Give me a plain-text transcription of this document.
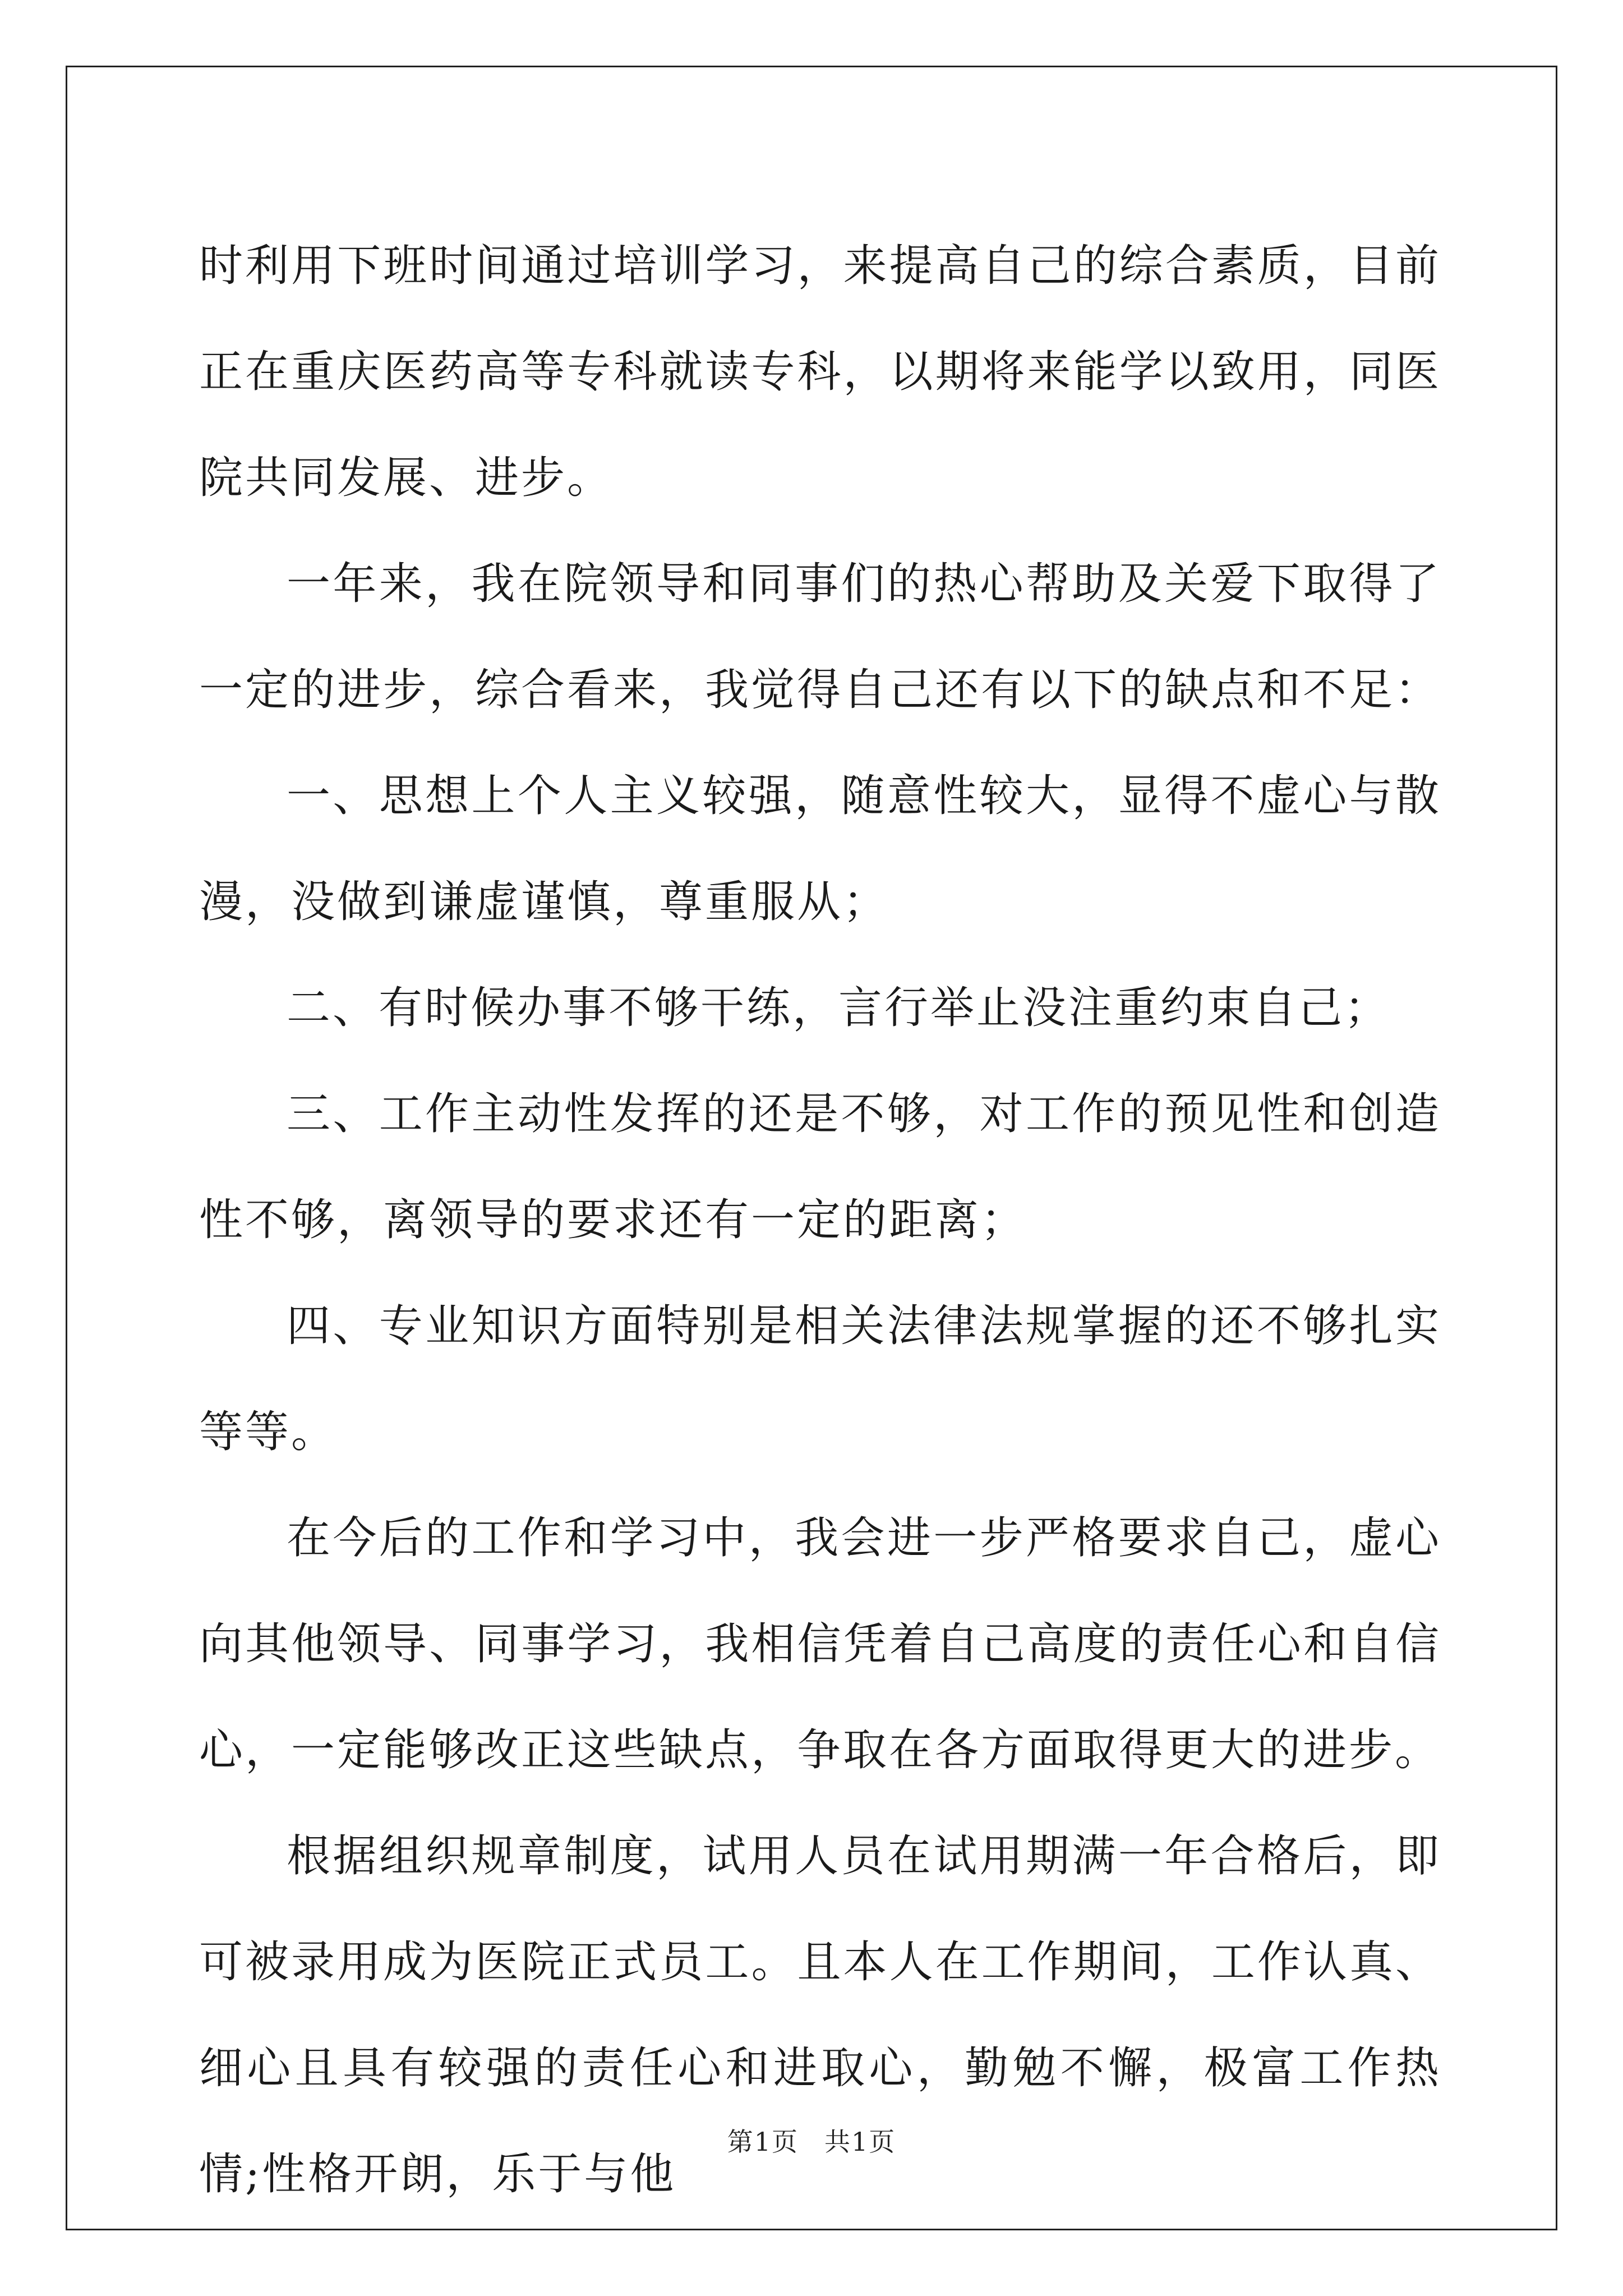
时利用下班时间通过培训学习，来提高自己的综合素质，目前正在重庆医药高等专科就读专科，以期将来能学以致用，同医院共同发展、进步。

一年来，我在院领导和同事们的热心帮助及关爱下取得了一定的进步，综合看来，我觉得自己还有以下的缺点和不足：

一、思想上个人主义较强，随意性较大，显得不虚心与散漫，没做到谦虚谨慎，尊重服从；

二、有时候办事不够干练，言行举止没注重约束自己；

三、工作主动性发挥的还是不够，对工作的预见性和创造性不够，离领导的要求还有一定的距离；

四、专业知识方面特别是相关法律法规掌握的还不够扎实等等。

在今后的工作和学习中，我会进一步严格要求自己，虚心向其他领导、同事学习，我相信凭着自己高度的责任心和自信心，一定能够改正这些缺点，争取在各方面取得更大的进步。

根据组织规章制度，试用人员在试用期满一年合格后，即可被录用成为医院正式员工。且本人在工作期间，工作认真、细心且具有较强的责任心和进取心，勤勉不懈，极富工作热情;性格开朗，乐于与他

第1页 共1页
